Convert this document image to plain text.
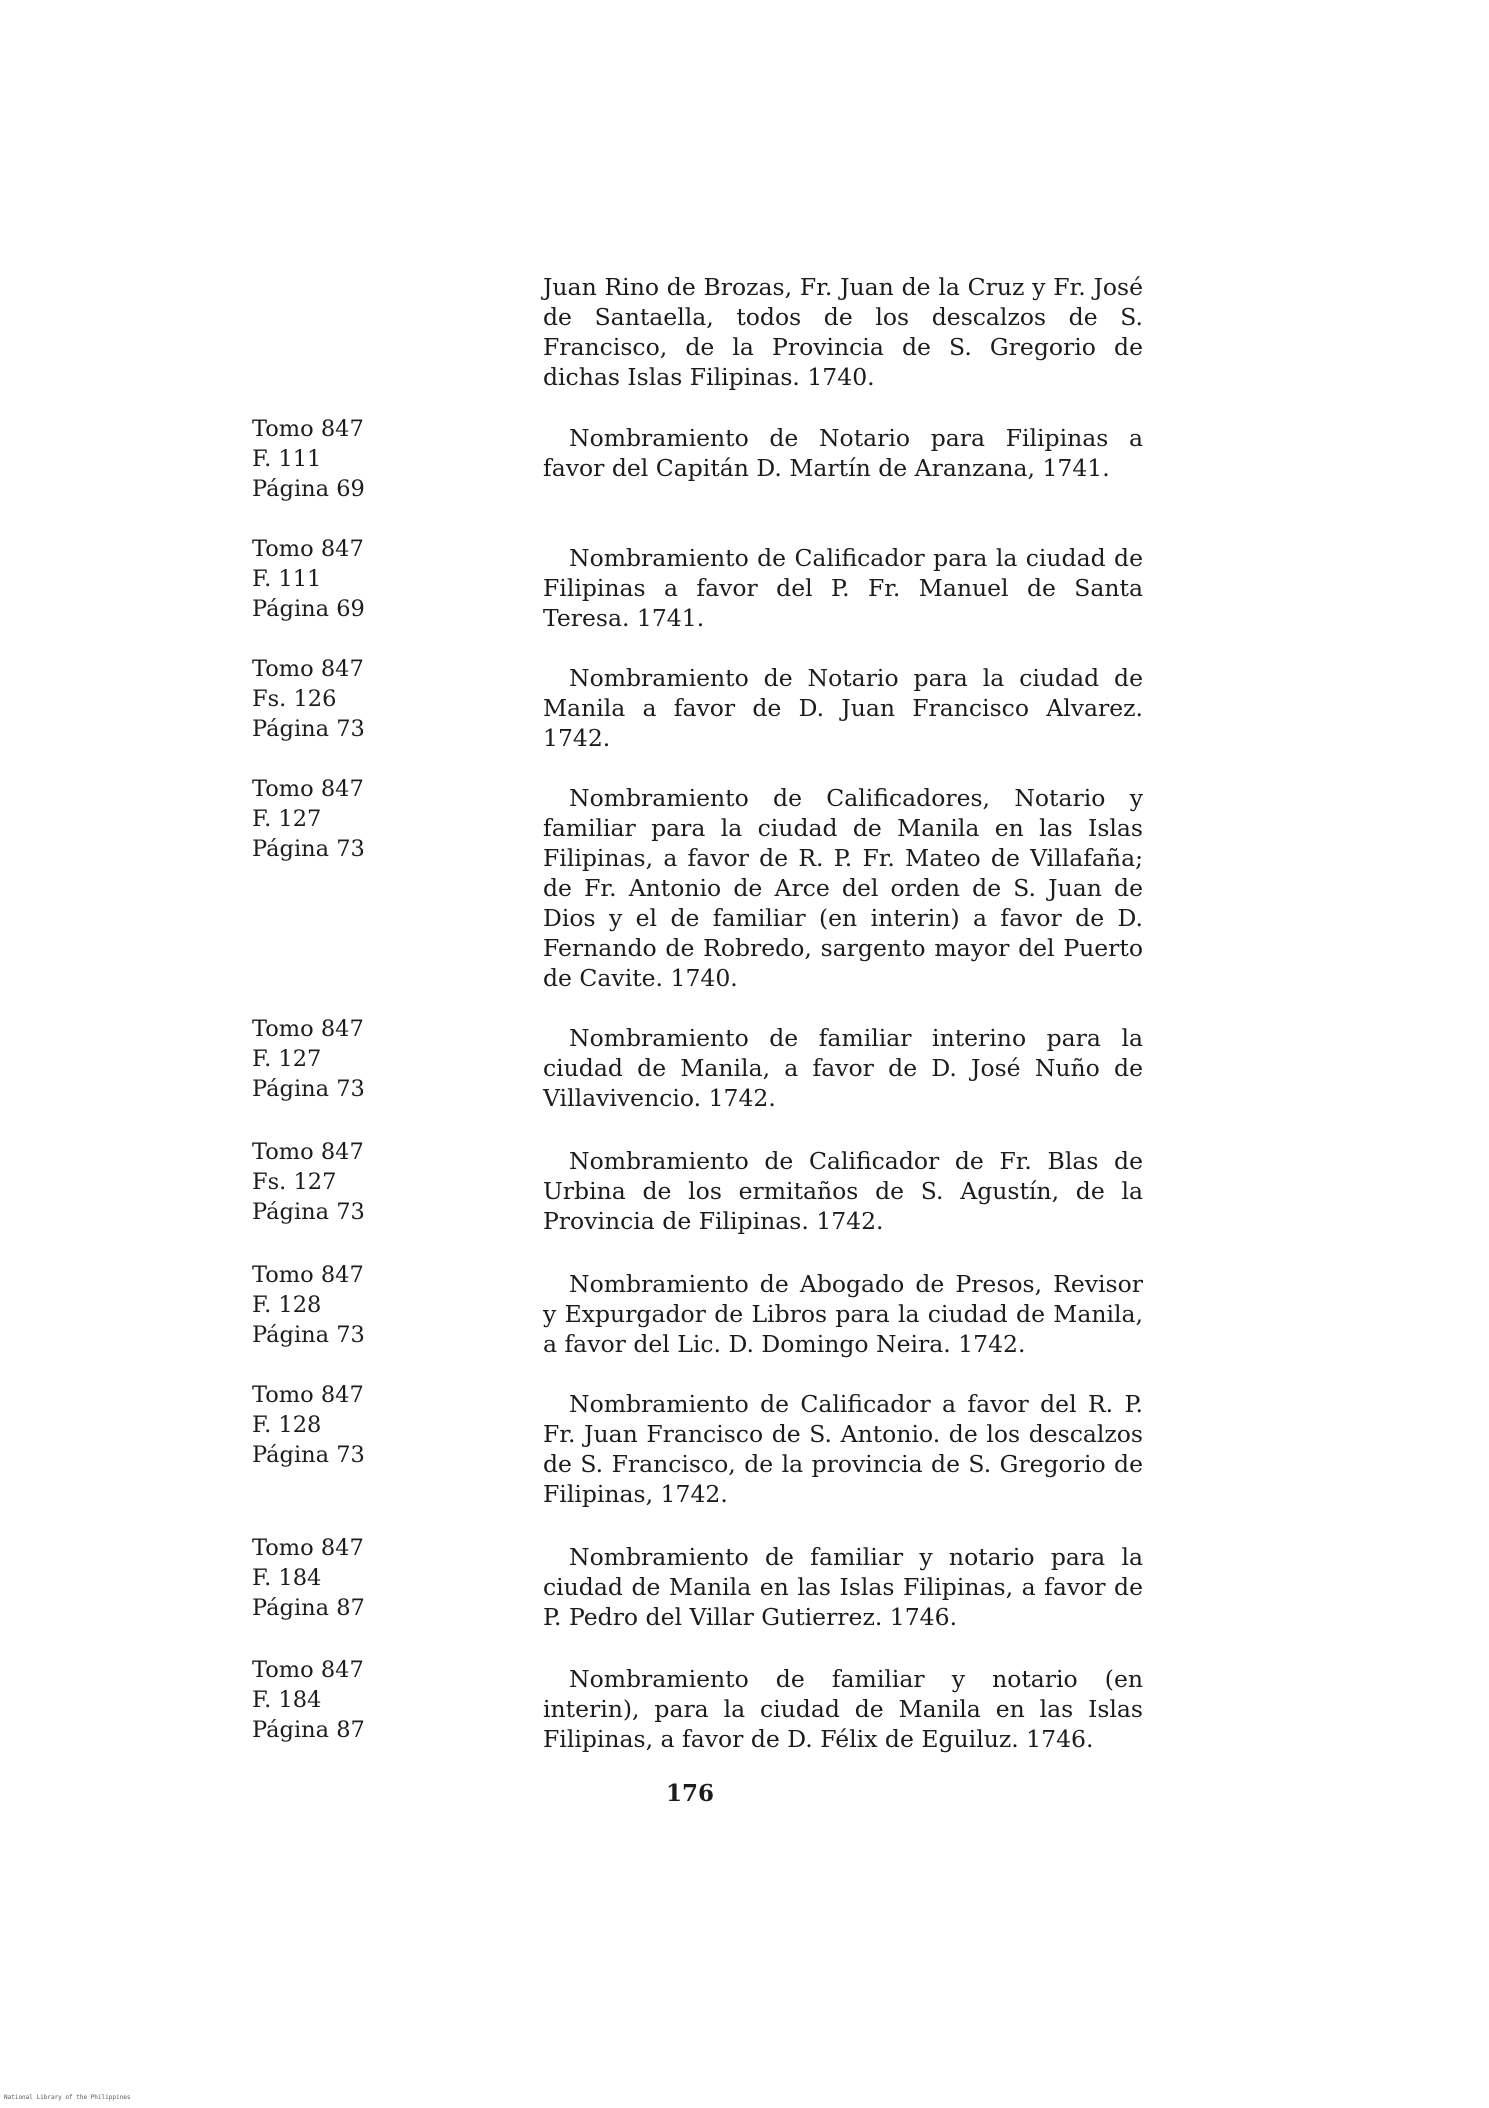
Juan Rino de Brozas, Fr. Juan de la Cruz y Fr. José de Santaella, todos de los descalzos de S. Francisco, de la Provincia de S. Gregorio de dichas Islas Filipinas. 1740.
Tomo 847
F. 111
Página 69
Nombramiento de Notario para Filipinas a favor del Capitán D. Martín de Aranzana, 1741.
Tomo 847
F. 111
Página 69
Nombramiento de Calificador para la ciudad de Filipinas a favor del P. Fr. Manuel de Santa Teresa. 1741.
Tomo 847
Fs. 126
Página 73
Nombramiento de Notario para la ciudad de Manila a favor de D. Juan Francisco Alvarez. 1742.
Tomo 847
F. 127
Página 73
Nombramiento de Calificadores, Notario y familiar para la ciudad de Manila en las Islas Filipinas, a favor de R. P. Fr. Mateo de Villafaña; de Fr. Antonio de Arce del orden de S. Juan de Dios y el de familiar (en interin) a favor de D. Fernando de Robredo, sargento mayor del Puerto de Cavite. 1740.
Tomo 847
F. 127
Página 73
Nombramiento de familiar interino para la ciudad de Manila, a favor de D. José Nuño de Villavivencio. 1742.
Tomo 847
Fs. 127
Página 73
Nombramiento de Calificador de Fr. Blas de Urbina de los ermitaños de S. Agustín, de la Provincia de Filipinas. 1742.
Tomo 847
F. 128
Página 73
Nombramiento de Abogado de Presos, Revisor y Expurgador de Libros para la ciudad de Manila, a favor del Lic. D. Domingo Neira. 1742.
Tomo 847
F. 128
Página 73
Nombramiento de Calificador a favor del R. P. Fr. Juan Francisco de S. Antonio. de los descalzos de S. Francisco, de la provincia de S. Gregorio de Filipinas, 1742.
Tomo 847
F. 184
Página 87
Nombramiento de familiar y notario para la ciudad de Manila en las Islas Filipinas, a favor de P. Pedro del Villar Gutierrez. 1746.
Tomo 847
F. 184
Página 87
Nombramiento de familiar y notario (en interin), para la ciudad de Manila en las Islas Filipinas, a favor de D. Félix de Eguiluz. 1746.
176
National Library of the Philippines
